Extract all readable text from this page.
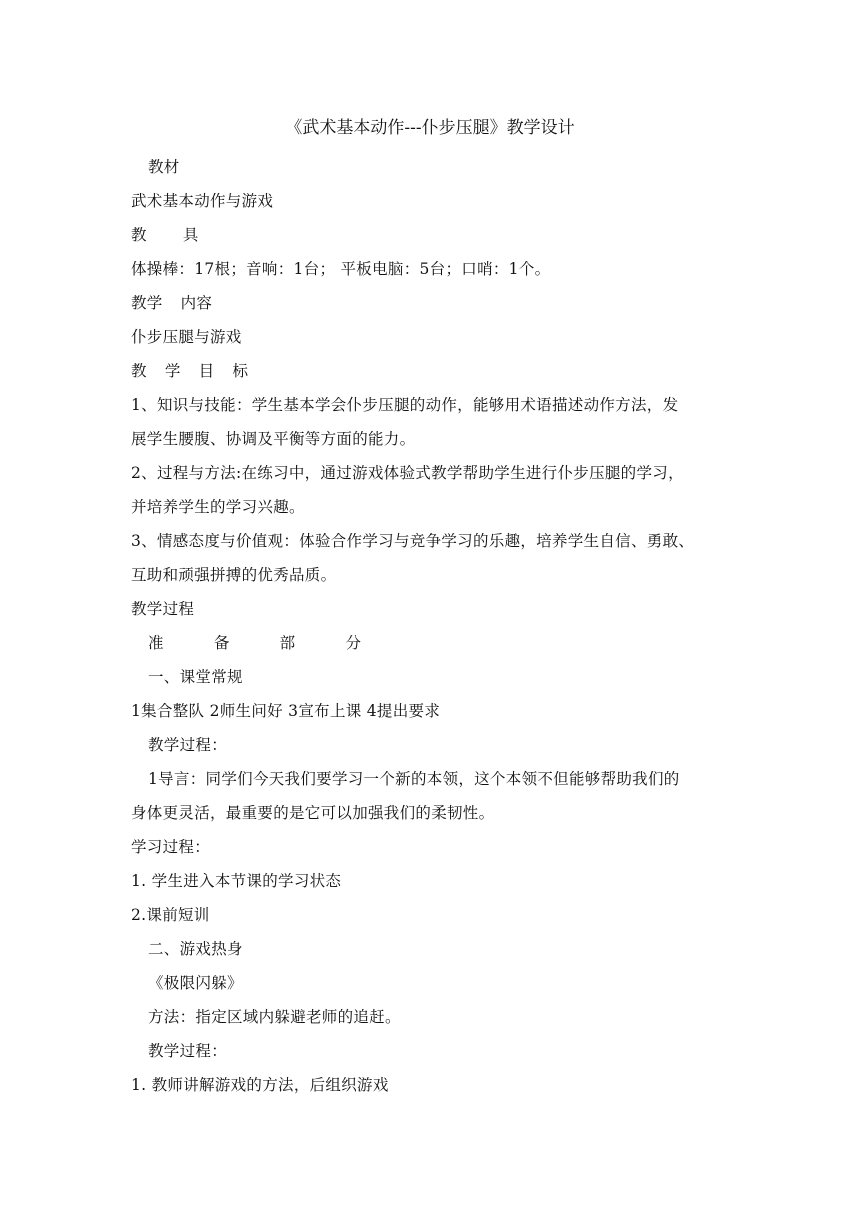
《武术基本动作---仆步压腿》教学设计
教材
武术基本动作与游戏
教 具
体操棒：17根；音响：1台； 平板电脑：5台；口哨：1个。
教学 内容
仆步压腿与游戏
教 学 目 标
1、知识与技能：学生基本学会仆步压腿的动作，能够用术语描述动作方法，发
展学生腰腹、协调及平衡等方面的能力。
2、过程与方法:在练习中，通过游戏体验式教学帮助学生进行仆步压腿的学习，
并培养学生的学习兴趣。
3、情感态度与价值观：体验合作学习与竞争学习的乐趣，培养学生自信、勇敢、
互助和顽强拼搏的优秀品质。
教学过程
准	备	部	分
一、课堂常规
1集合整队 2师生问好 3宣布上课 4提出要求
教学过程：
1导言：同学们今天我们要学习一个新的本领，这个本领不但能够帮助我们的
身体更灵活，最重要的是它可以加强我们的柔韧性。
学习过程：
1. 学生进入本节课的学习状态
2.课前短训
二、游戏热身
《极限闪躲》
方法：指定区域内躲避老师的追赶。
教学过程：
1. 教师讲解游戏的方法，后组织游戏
